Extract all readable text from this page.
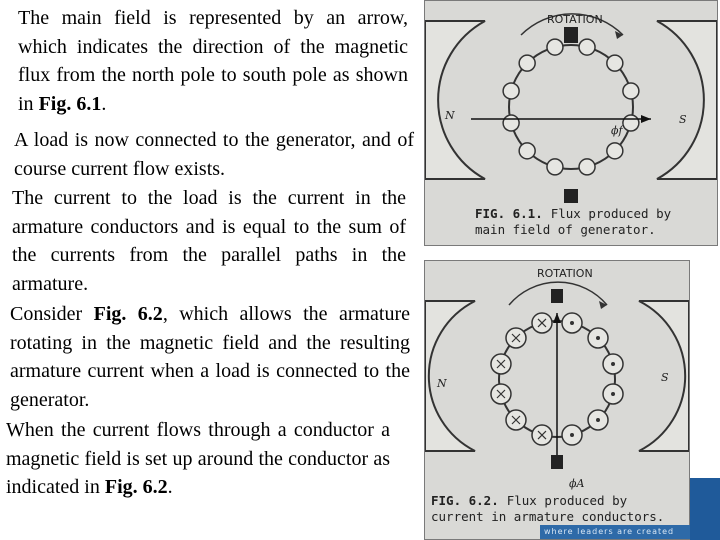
The main field is represented by an arrow, which indicates the direction of the magnetic flux from the north pole to south pole as shown in Fig. 6.1.
A load is now connected to the generator, and of course current flow exists.
The current to the load is the current in the armature conductors and is equal to the sum of the currents from the parallel paths in the armature.
Consider Fig. 6.2, which allows the armature rotating in the magnetic field and the resulting armature current when a load is connected to the generator.
When the current flows through a conductor a magnetic field is set up around the conductor as indicated in Fig. 6.2.
ROTATION
N	S
ϕf
FIG. 6.1. Flux produced by main field of generator.
ROTATION
N	S
ϕA
FIG. 6.2. Flux produced by current in armature conductors.
where leaders are created
